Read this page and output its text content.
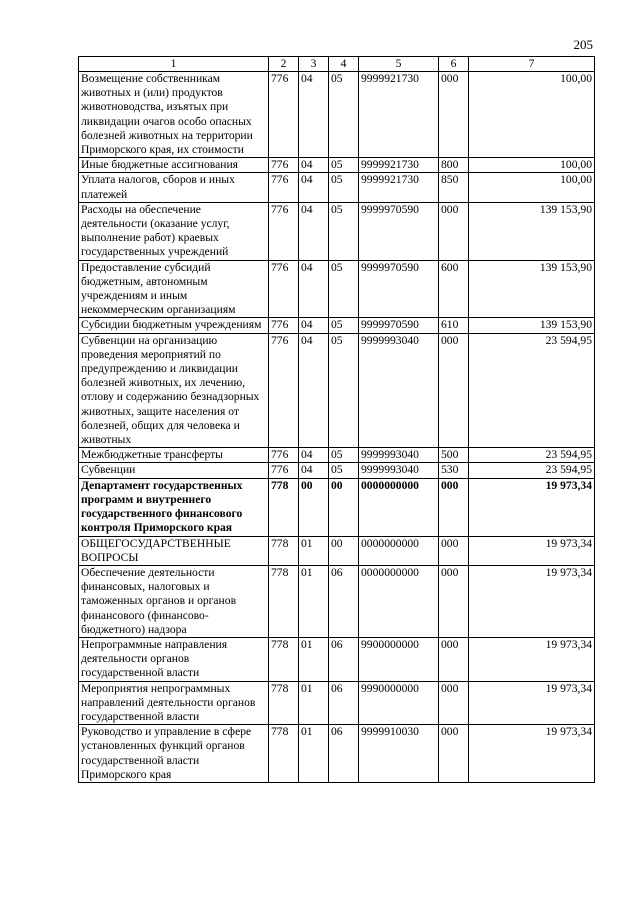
205
1	2	3	4	5	6	7
Возмещение собственникам животных и (или) продуктов животноводства, изъятых при ликвидации очагов особо опасных болезней животных на территории Приморского края, их стоимости	776	04	05	9999921730	000	100,00
Иные бюджетные ассигнования	776	04	05	9999921730	800	100,00
Уплата налогов, сборов и иных платежей	776	04	05	9999921730	850	100,00
Расходы на обеспечение деятельности (оказание услуг, выполнение работ) краевых государственных учреждений	776	04	05	9999970590	000	139 153,90
Предоставление субсидий бюджетным, автономным учреждениям и иным некоммерческим организациям	776	04	05	9999970590	600	139 153,90
Субсидии бюджетным учреждениям	776	04	05	9999970590	610	139 153,90
Субвенции на организацию проведения мероприятий по предупреждению и ликвидации болезней животных, их лечению, отлову и содержанию безнадзорных животных, защите населения от болезней, общих для человека и животных	776	04	05	9999993040	000	23 594,95
Межбюджетные трансферты	776	04	05	9999993040	500	23 594,95
Субвенции	776	04	05	9999993040	530	23 594,95
Департамент государственных программ и внутреннего государственного финансового контроля Приморского края	778	00	00	0000000000	000	19 973,34
ОБЩЕГОСУДАРСТВЕННЫЕ ВОПРОСЫ	778	01	00	0000000000	000	19 973,34
Обеспечение деятельности финансовых, налоговых и таможенных органов и органов финансового (финансово-бюджетного) надзора	778	01	06	0000000000	000	19 973,34
Непрограммные направления деятельности органов государственной власти	778	01	06	9900000000	000	19 973,34
Мероприятия непрограммных направлений деятельности органов государственной власти	778	01	06	9990000000	000	19 973,34
Руководство и управление в сфере установленных функций органов государственной власти Приморского края	778	01	06	9999910030	000	19 973,34
